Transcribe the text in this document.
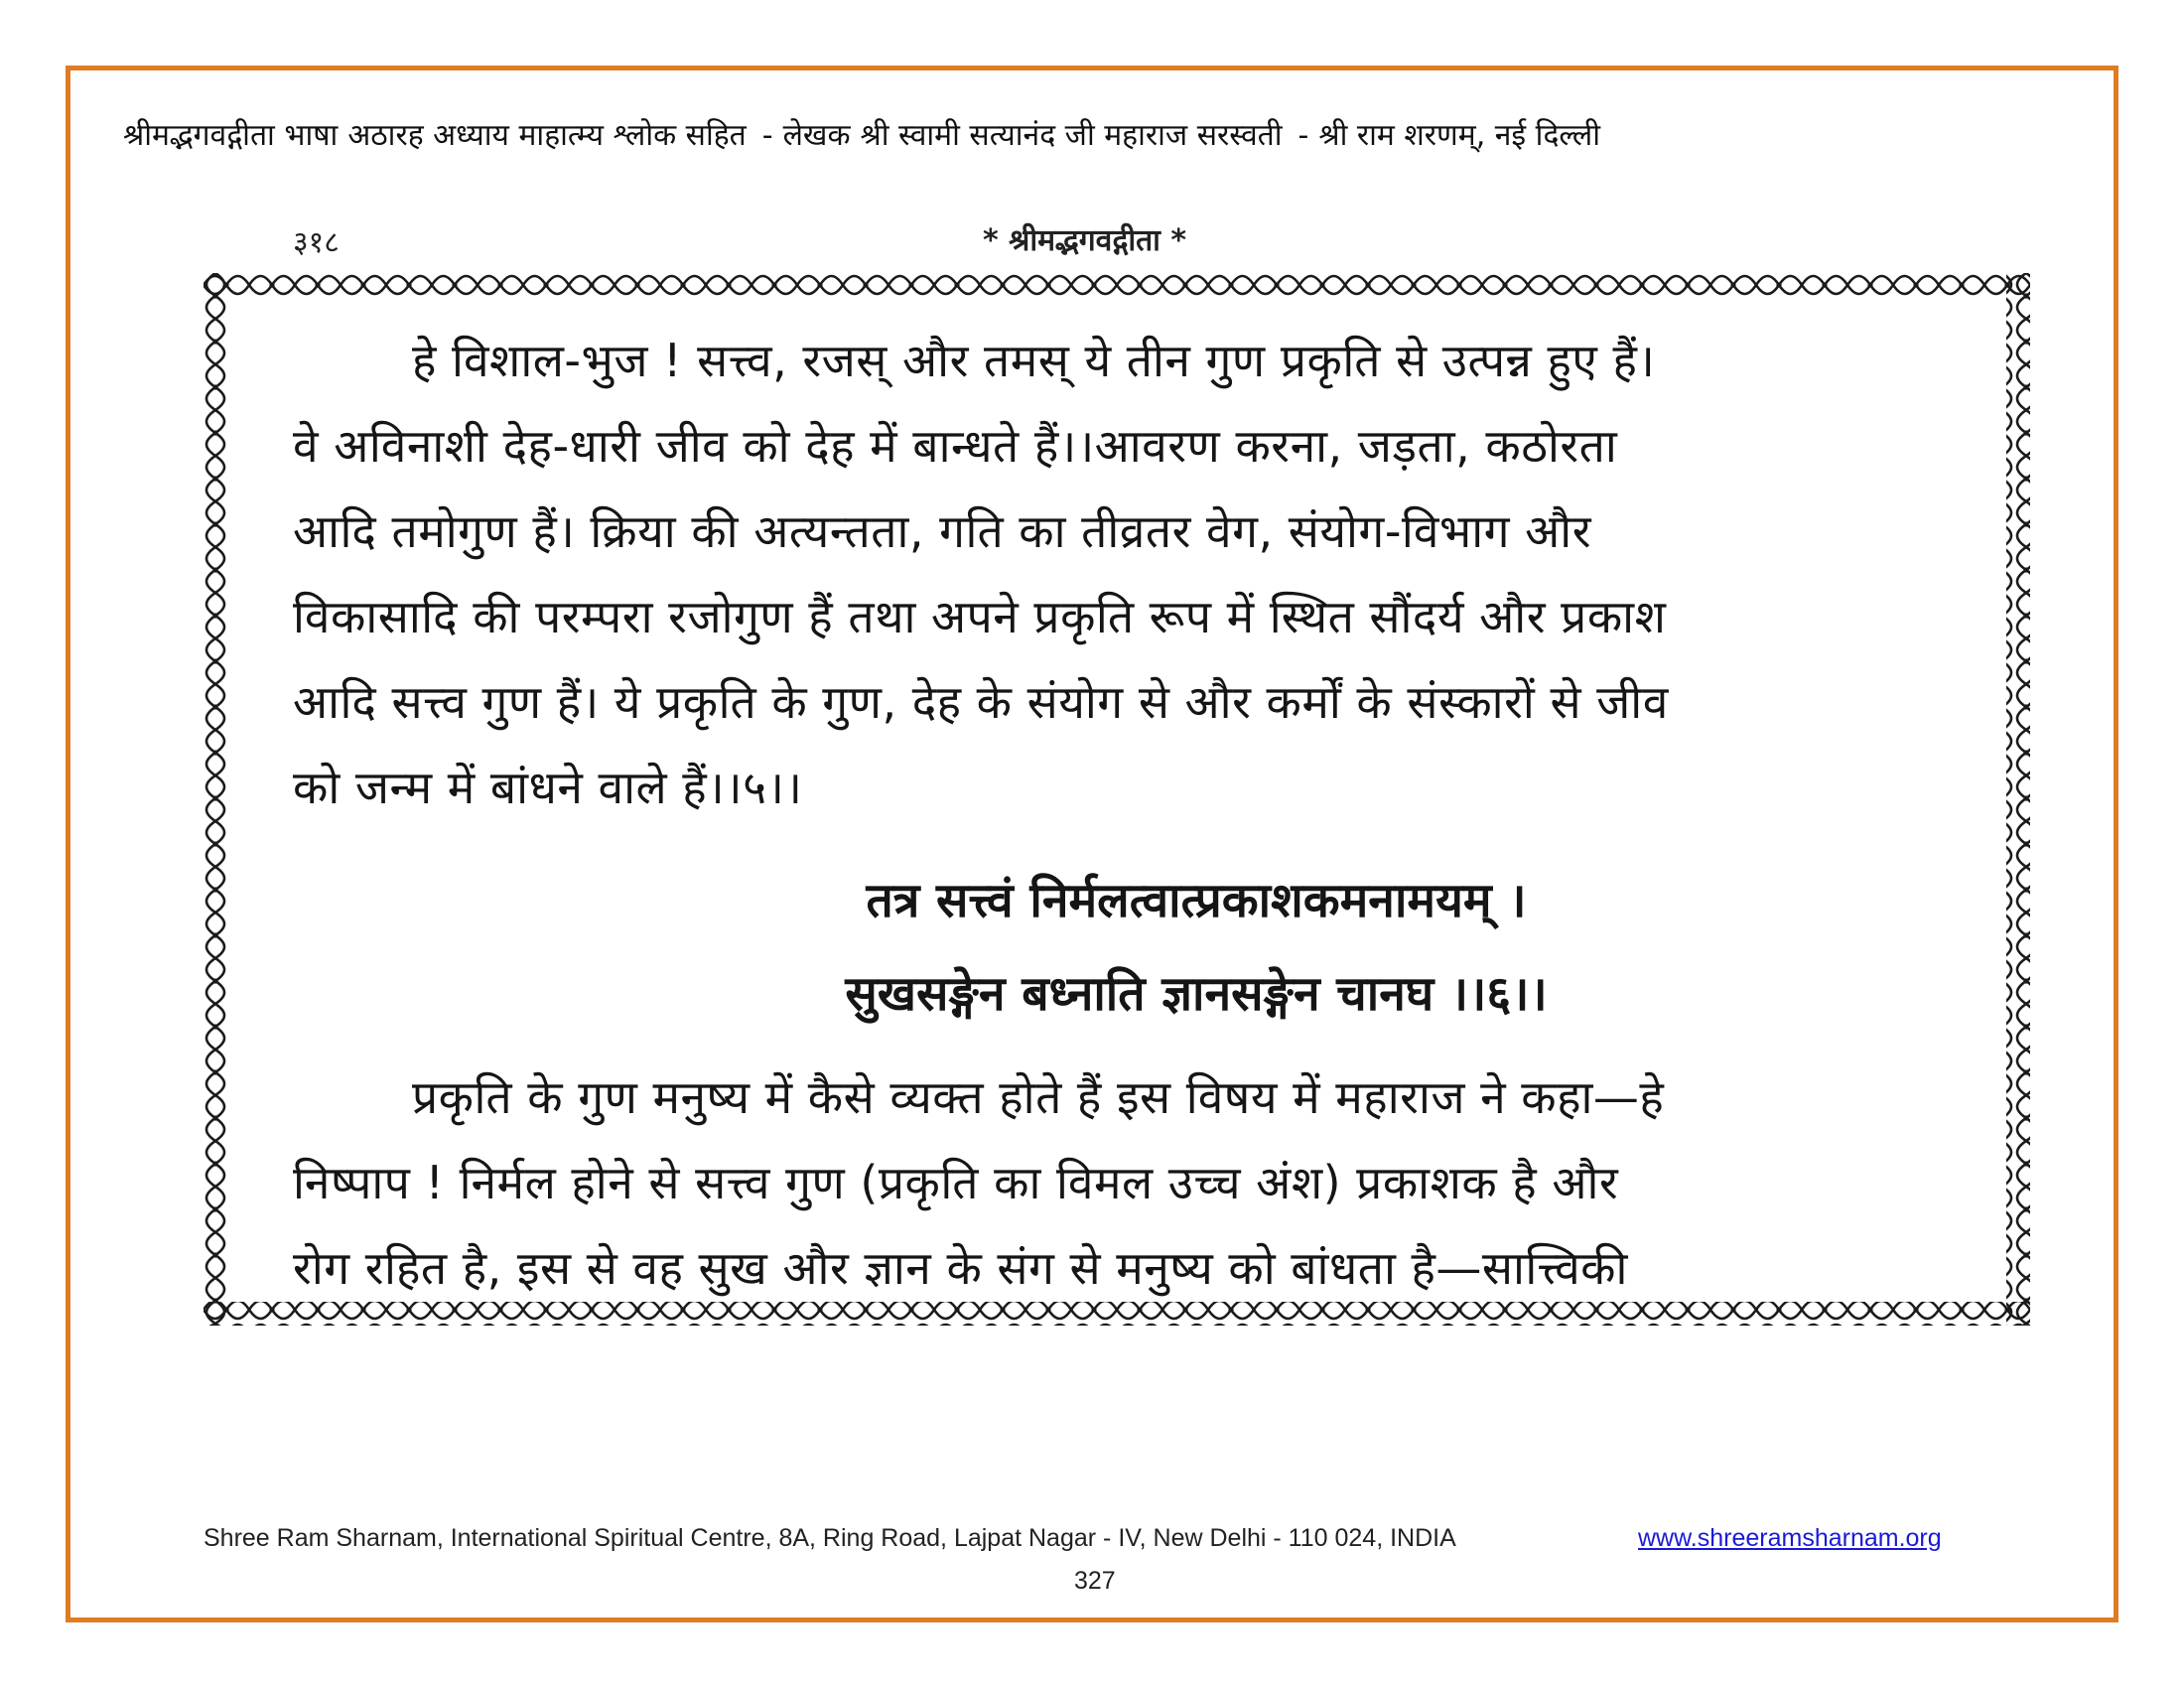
श्रीमद्भगवद्गीता भाषा अठारह अध्याय माहात्म्य श्लोक सहित - लेखक श्री स्वामी सत्यानंद जी महाराज सरस्वती - श्री राम शरणम्, नई दिल्ली
३१८	* श्रीमद्भगवद्गीता *
हे विशाल-भुज ! सत्त्व, रजस् और तमस् ये तीन गुण प्रकृति से उत्पन्न हुए हैं।
वे अविनाशी देह-धारी जीव को देह में बान्धते हैं।।आवरण करना, जड़ता, कठोरता
आदि तमोगुण हैं। क्रिया की अत्यन्तता, गति का तीव्रतर वेग, संयोग-विभाग और
विकासादि की परम्परा रजोगुण हैं तथा अपने प्रकृति रूप में स्थित सौंदर्य और प्रकाश
आदि सत्त्व गुण हैं। ये प्रकृति के गुण, देह के संयोग से और कर्मों के संस्कारों से जीव
को जन्म में बांधने वाले हैं।।५।।
तत्र सत्त्वं निर्मलत्वात्प्रकाशकमनामयम् ।
सुखसङ्गेन बध्नाति ज्ञानसङ्गेन चानघ ।।६।।
प्रकृति के गुण मनुष्य में कैसे व्यक्त होते हैं इस विषय में महाराज ने कहा—हे
निष्पाप ! निर्मल होने से सत्त्व गुण (प्रकृति का विमल उच्च अंश) प्रकाशक है और
रोग रहित है, इस से वह सुख और ज्ञान के संग से मनुष्य को बांधता है—सात्त्विकी
Shree Ram Sharnam, International Spiritual Centre, 8A, Ring Road, Lajpat Nagar - IV, New Delhi - 110 024, INDIA	www.shreeramsharnam.org
327
